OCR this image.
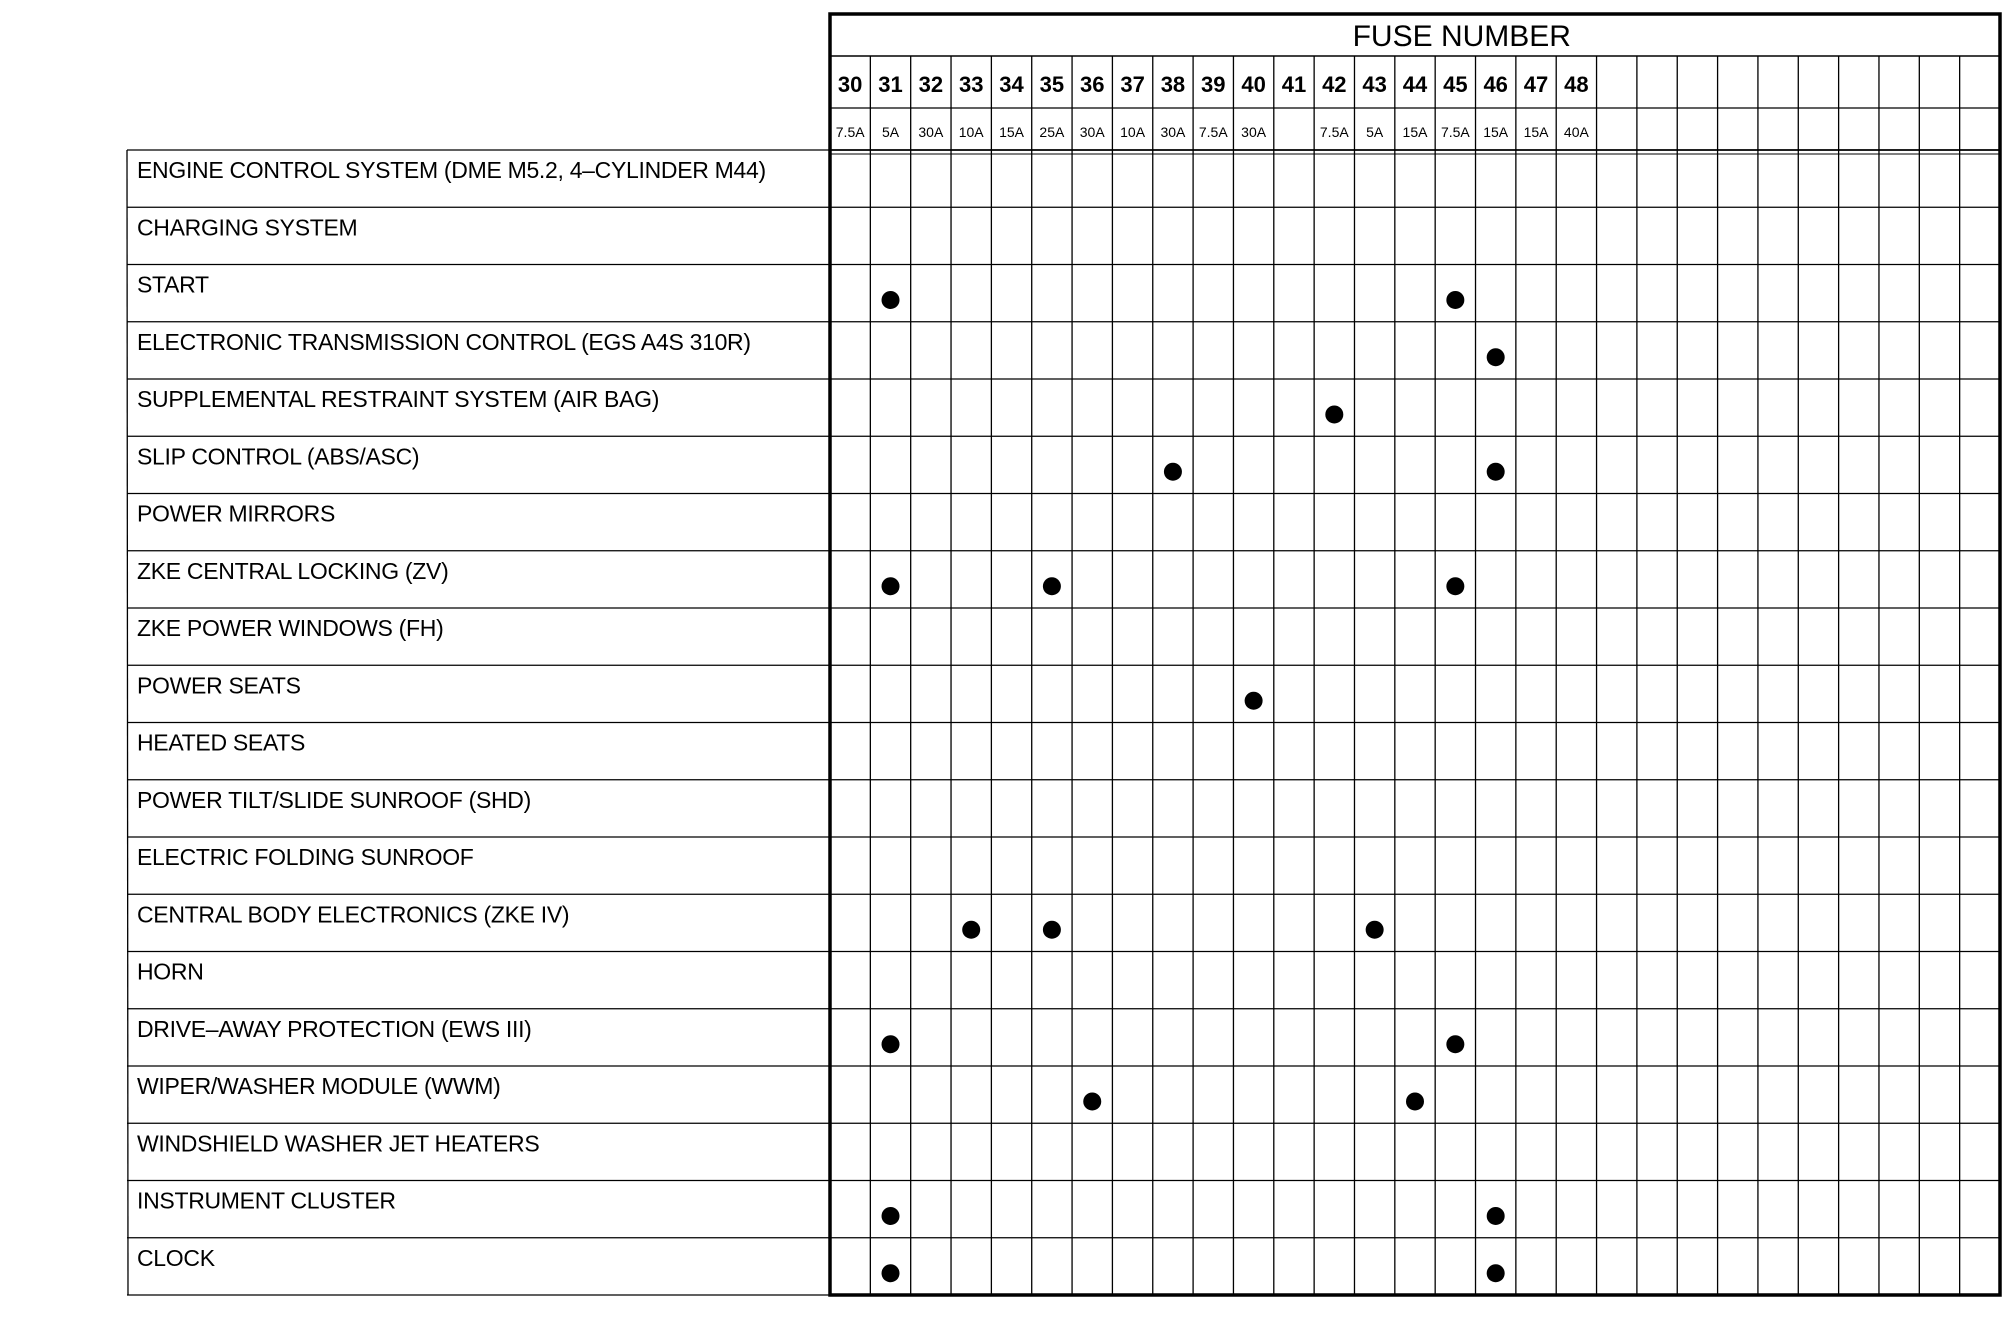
FUSE NUMBER
30
7.5A
31
5A
32
30A
33
10A
34
15A
35
25A
36
30A
37
10A
38
30A
39
7.5A
40
30A
41 42
7.5A
43
5A
44
15A
45
7.5A
46
15A
47
15A
48
40A
ENGINE CONTROL SYSTEM (DME M5.2, 4–CYLINDER M44)
CHARGING SYSTEM
START
ELECTRONIC TRANSMISSION CONTROL (EGS A4S 310R)
SUPPLEMENTAL RESTRAINT SYSTEM (AIR BAG)
SLIP CONTROL (ABS/ASC)
POWER MIRRORS
ZKE CENTRAL LOCKING (ZV)
ZKE POWER WINDOWS (FH)
POWER SEATS
HEATED SEATS
POWER TILT/SLIDE SUNROOF (SHD)
ELECTRIC FOLDING SUNROOF
CENTRAL BODY ELECTRONICS (ZKE IV)
HORN
DRIVE–AWAY PROTECTION (EWS III)
WIPER/WASHER MODULE (WWM)
WINDSHIELD WASHER JET HEATERS
INSTRUMENT CLUSTER
CLOCK
